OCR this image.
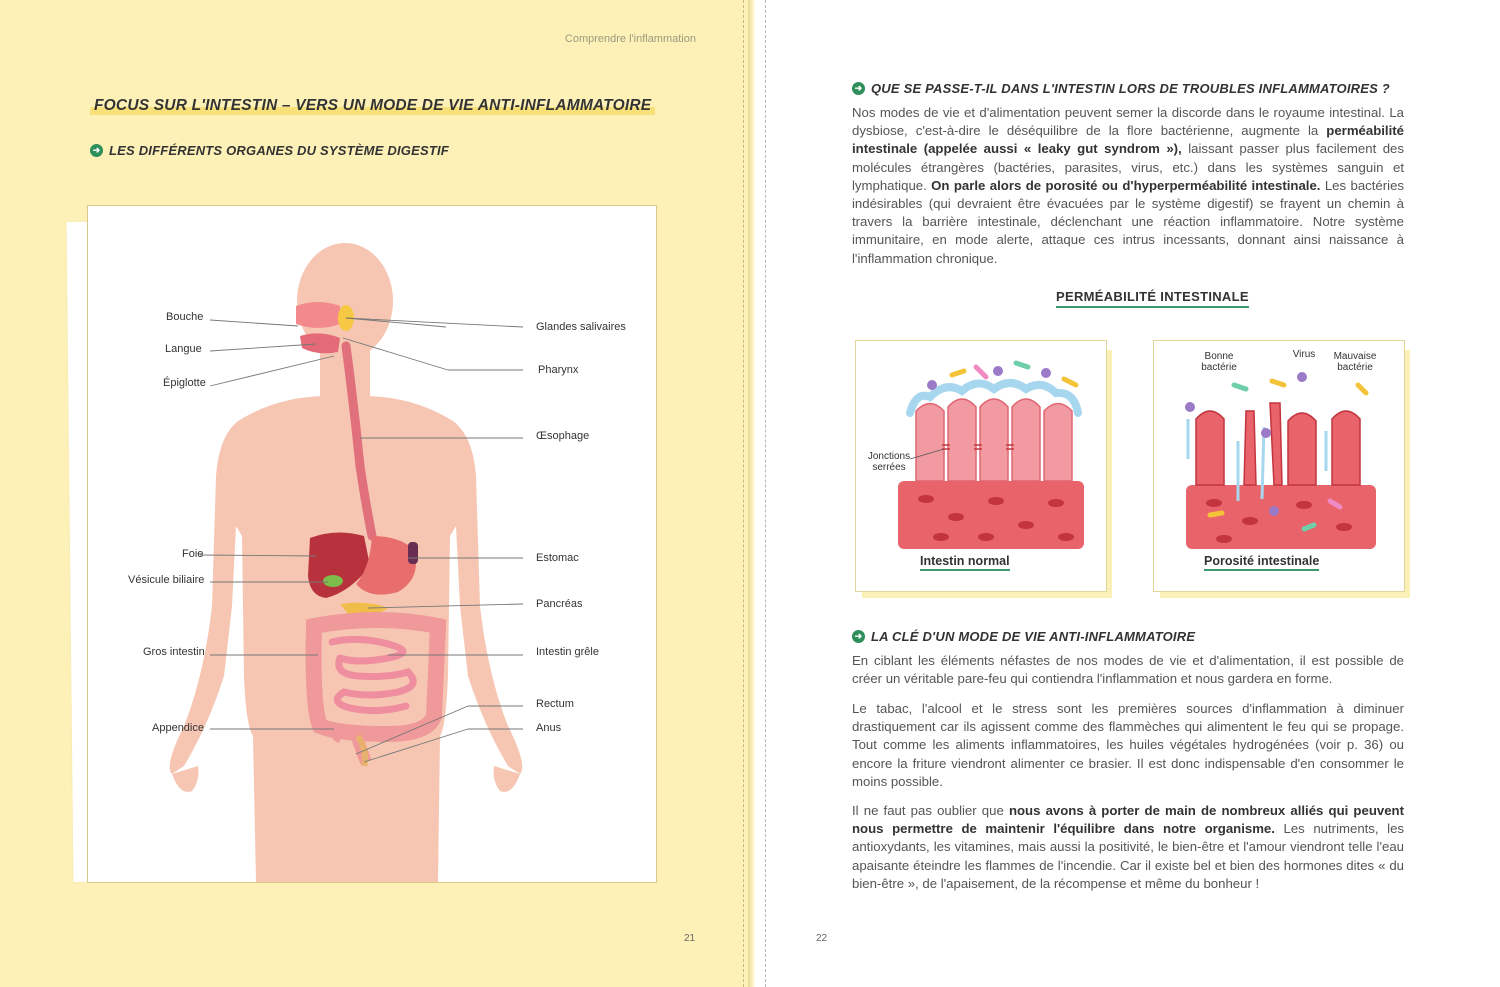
Comprendre l'inflammation
FOCUS SUR L'INTESTIN – VERS UN MODE DE VIE ANTI-INFLAMMATOIRE
➜ LES DIFFÉRENTS ORGANES DU SYSTÈME DIGESTIF
Bouche
Langue
Épiglotte
Foie
Vésicule biliaire
Gros intestin
Appendice
Glandes salivaires
Pharynx
Œsophage
Estomac
Pancréas
Intestin grêle
Rectum
Anus
21
➜ QUE SE PASSE-T-IL DANS L'INTESTIN LORS DE TROUBLES INFLAMMATOIRES ?

Nos modes de vie et d'alimentation peuvent semer la discorde dans le royaume intestinal. La dysbiose, c'est-à-dire le déséquilibre de la flore bactérienne, augmente la perméabilité intestinale (appelée aussi « leaky gut syndrom »), laissant passer plus facilement des molécules étrangères (bactéries, parasites, virus, etc.) dans les systèmes sanguin et lymphatique. On parle alors de porosité ou d'hyperperméabilité intestinale. Les bactéries indésirables (qui devraient être évacuées par le système digestif) se frayent un chemin à travers la barrière intestinale, déclenchant une réaction inflammatoire. Notre système immunitaire, en mode alerte, attaque ces intrus incessants, donnant ainsi naissance à l'inflammation chronique.

PERMÉABILITÉ INTESTINALE
Jonctions serrées
Intestin normal
Bonne bactérie
Virus	Mauvaise bactérie
Porosité intestinale
➜ LA CLÉ D'UN MODE DE VIE ANTI-INFLAMMATOIRE

En ciblant les éléments néfastes de nos modes de vie et d'alimentation, il est possible de créer un véritable pare-feu qui contiendra l'inflammation et nous gardera en forme.

Le tabac, l'alcool et le stress sont les premières sources d'inflammation à diminuer drastiquement car ils agissent comme des flammèches qui alimentent le feu qui se propage. Tout comme les aliments inflammatoires, les huiles végétales hydrogénées (voir p. 36) ou encore la friture viendront alimenter ce brasier. Il est donc indispensable d'en consommer le moins possible.

Il ne faut pas oublier que nous avons à porter de main de nombreux alliés qui peuvent nous permettre de maintenir l'équilibre dans notre organisme. Les nutriments, les antioxydants, les vitamines, mais aussi la positivité, le bien-être et l'amour viendront telle l'eau apaisante éteindre les flammes de l'incendie. Car il existe bel et bien des hormones dites « du bien-être », de l'apaisement, de la récompense et même du bonheur !

22
